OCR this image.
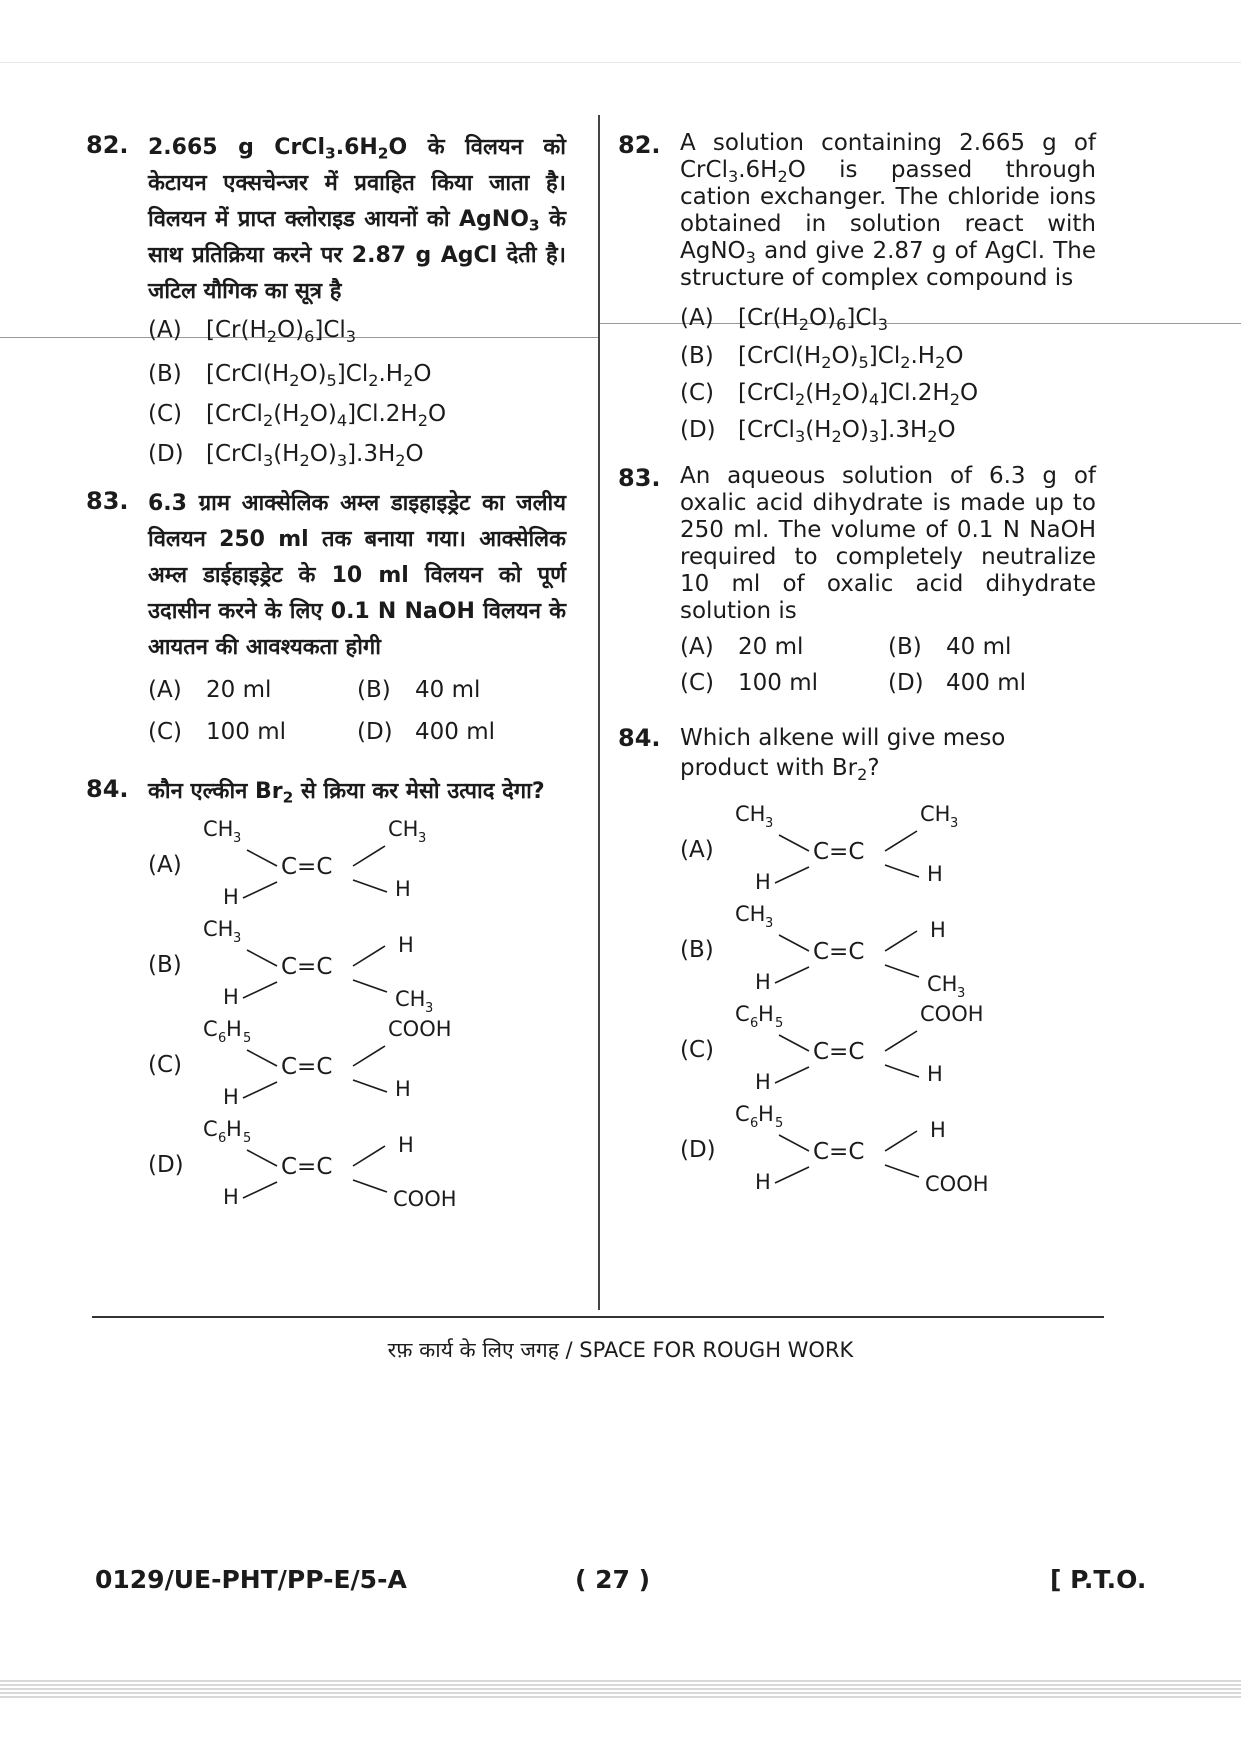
82. 2.665 g $CrCl_3.6H_2O$ के विलयन को केटायन एक्सचेन्जर में प्रवाहित किया जाता है। विलयन में प्राप्त क्लोराइड आयनों को AgNO$_3$ के साथ प्रतिक्रिया करने पर 2.87 g AgCl देती है। जटिल यौगिक का सूत्र है
(A)	$[Cr(H_2O)_6]Cl_3$
(B)	$[CrCl(H_2O)_5]Cl_2.H_2O$
(C)	$[CrCl_2(H_2O)_4]Cl.2H_2O$
(D) $[CrCl_3(H_2O)_3].3H_2O$
83. 6.3 ग्राम आक्सेलिक अम्ल डाइहाइड्रेट का जलीय विलयन 250 ml तक बनाया गया। आक्सेलिक अम्ल डाईहाइड्रेट के 10 ml विलयन को पूर्ण उदासीन करने के लिए 0.1 N NaOH विलयन के आयतन की आवश्यकता होगी
(A)	20 ml	(B)	40 ml
(C)	100 ml	(D) 400 ml
84. कौन एल्कीन $Br_2$ से क्रिया कर मेसो उत्पाद देगा?
(A)
CH 3	CH 3
H	H
C=C
(B)
CH 3	H
H	CH 3
C=C
(C)
C 6 H 5	COOH
H	H
C=C
(D)
C 6 H 5	H
H	COOH
C=C
82. A solution containing 2.665 g of $CrCl_3.6H_2O$ is passed through cation exchanger. The chloride ions obtained in solution react with AgNO$_3$ and give 2.87 g of AgCl. The structure of complex compound is
(A)	$[Cr(H_2O)_6]Cl_3$
(B)	$[CrCl(H_2O)_5]Cl_2.H_2O$
(C)	$[CrCl_2(H_2O)_4]Cl.2H_2O$
(D) $[CrCl_3(H_2O)_3].3H_2O$
83. An aqueous solution of 6.3 g of oxalic acid dihydrate is made up to 250 ml. The volume of 0.1 N NaOH required to completely neutralize 10 ml of oxalic acid dihydrate solution is
(A)	20 ml	(B)	40 ml
(C)	100 ml	(D) 400 ml
84. Which alkene will give meso product with $Br_2$?
(A)
CH 3	CH 3
H	H
C=C
(B)
CH 3	H
H	CH 3
C=C
(C)
C 6 H 5	COOH
H	H
C=C
(D)
C 6 H 5	H
H	COOH
C=C
रफ़ कार्य के लिए जगह / SPACE FOR ROUGH WORK
0129/UE-PHT/PP-E/5-A	( 27 )	[ P.T.O.
